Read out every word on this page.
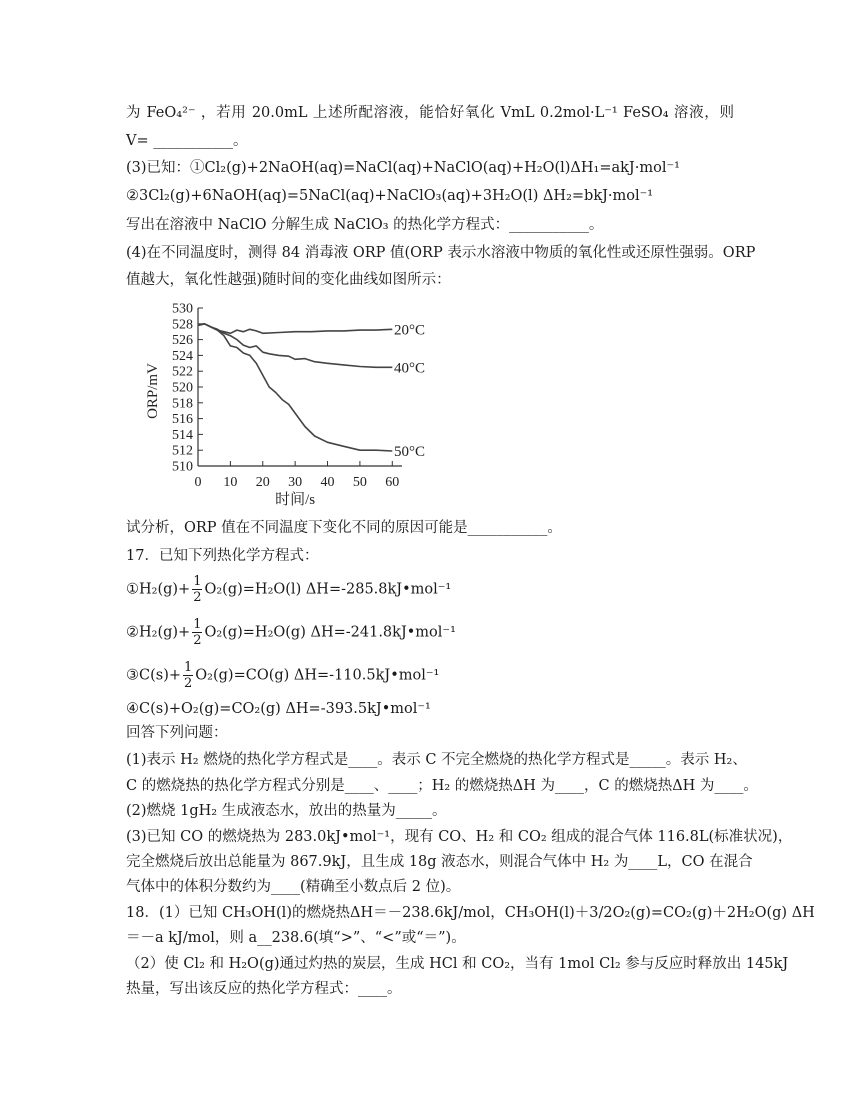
为 FeO₄²⁻ ，若用 20.0mL 上述所配溶液，能恰好氧化 VmL 0.2mol·L⁻¹ FeSO₄ 溶液，则
V= ___________。
(3)已知：①Cl₂(g)+2NaOH(aq)=NaCl(aq)+NaClO(aq)+H₂O(l)ΔH₁=akJ·mol⁻¹
②3Cl₂(g)+6NaOH(aq)=5NaCl(aq)+NaClO₃(aq)+3H₂O(l) ΔH₂=bkJ·mol⁻¹
写出在溶液中 NaClO 分解生成 NaClO₃ 的热化学方程式：___________。
(4)在不同温度时，测得 84 消毒液 ORP 值(ORP 表示水溶液中物质的氧化性或还原性强弱。ORP
值越大，氧化性越强)随时间的变化曲线如图所示：
510
512
514
516
518
520
522
524
526
528
530
0 10 20 30 40 50 60
时间/s
ORP/mV
20°C
40°C
50°C
试分析，ORP 值在不同温度下变化不同的原因可能是___________。
17．已知下列热化学方程式：
①H₂(g)+ $\frac{1}{2} O_2(g)=H_2O(l)$ ΔH=-285.8kJ•mol⁻¹
②H₂(g)+ $\frac{1}{2} O_2(g)=H_2O(g)$ ΔH=-241.8kJ•mol⁻¹
③C(s)+ $\frac{1}{2} O_2(g)=CO(g)$ ΔH=-110.5kJ•mol⁻¹
④C(s)+O₂(g)=CO₂(g) ΔH=-393.5kJ•mol⁻¹
回答下列问题：
(1)表示 H₂ 燃烧的热化学方程式是____。表示 C 不完全燃烧的热化学方程式是_____。表示 H₂、
C 的燃烧热的热化学方程式分别是____、____；H₂ 的燃烧热ΔH 为____，C 的燃烧热ΔH 为____。
(2)燃烧 1gH₂ 生成液态水，放出的热量为_____。
(3)已知 CO 的燃烧热为 283.0kJ•mol⁻¹，现有 CO、H₂ 和 CO₂ 组成的混合气体 116.8L(标准状况)，
完全燃烧后放出总能量为 867.9kJ，且生成 18g 液态水，则混合气体中 H₂ 为____L，CO 在混合
气体中的体积分数约为____(精确至小数点后 2 位)。
18．(1）已知 CH₃OH(l)的燃烧热ΔH＝－238.6kJ/mol，CH₃OH(l)＋3/2O₂(g)=CO₂(g)＋2H₂O(g) ΔH
＝－a kJ/mol，则 a__238.6(填“>”、“<”或“＝”)。
（2）使 Cl₂ 和 H₂O(g)通过灼热的炭层，生成 HCl 和 CO₂，当有 1mol Cl₂ 参与反应时释放出 145kJ
热量，写出该反应的热化学方程式：____。
